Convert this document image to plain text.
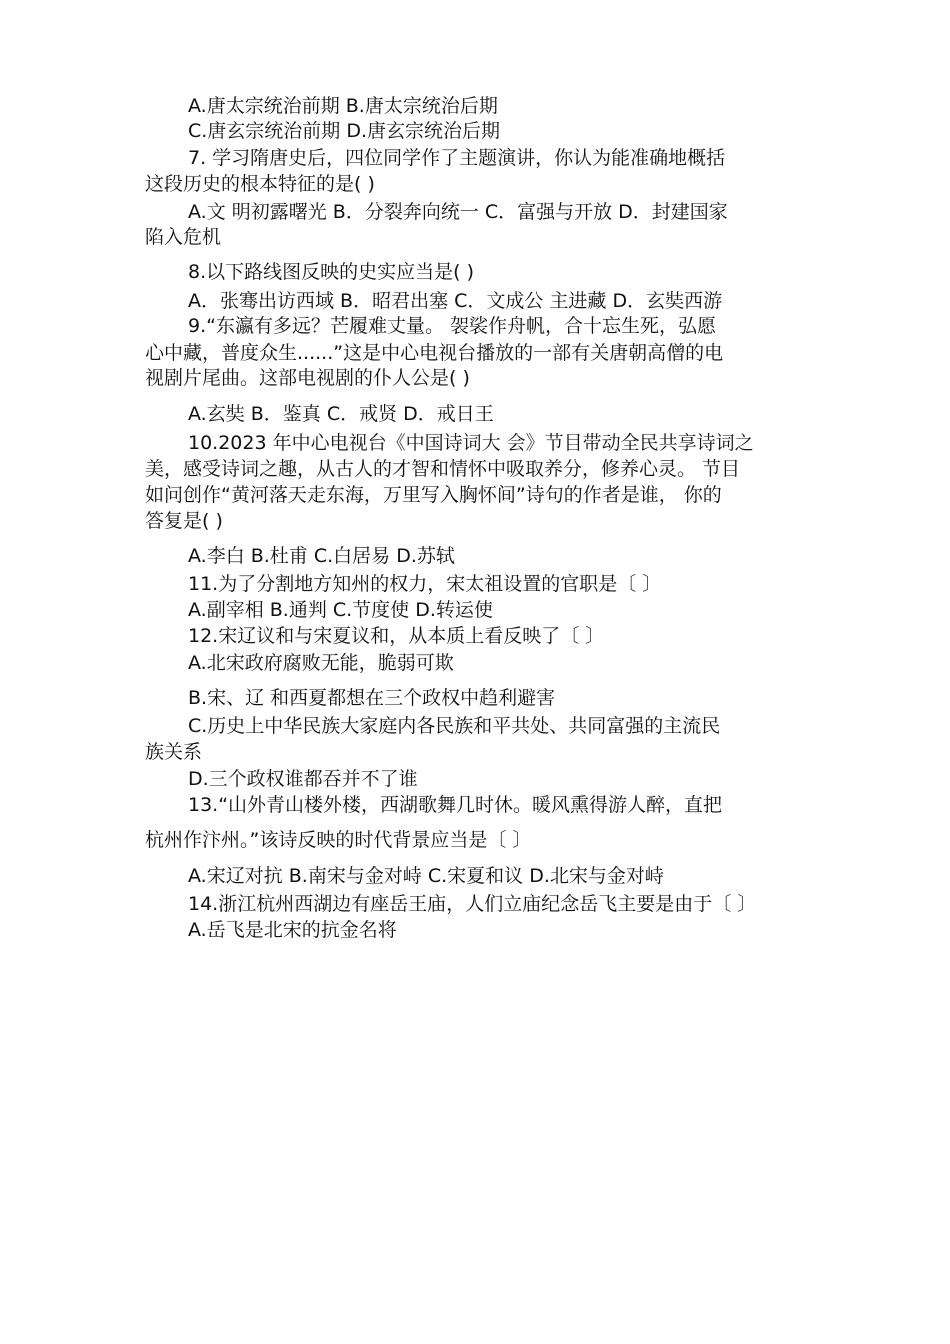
A.唐太宗统治前期 B.唐太宗统治后期
C.唐玄宗统治前期 D.唐玄宗统治后期
7. 学习隋唐史后，四位同学作了主题演讲，你认为能准确地概括
这段历史的根本特征的是( )
A.文 明初露曙光 B．分裂奔向统一 C．富强与开放 D．封建国家
陷入危机
8.以下路线图反映的史实应当是( )
A．张骞出访西域 B．昭君出塞 C．文成公 主进藏 D．玄奘西游
9.“东瀛有多远？芒履难丈量。 袈裟作舟帆，合十忘生死，弘愿
心中藏，普度众生......”这是中心电视台播放的一部有关唐朝高僧的电
视剧片尾曲。这部电视剧的仆人公是( )
A.玄奘 B．鉴真 C．戒贤 D．戒日王
10.2023 年中心电视台《中国诗词大 会》节目带动全民共享诗词之
美，感受诗词之趣，从古人的才智和情怀中吸取养分，修养心灵。 节目
如问创作“黄河落天走东海，万里写入胸怀间”诗句的作者是谁， 你的
答复是( )
A.李白 B.杜甫 C.白居易 D.苏轼
11.为了分割地方知州的权力，宋太祖设置的官职是〔 〕
A.副宰相 B.通判 C.节度使 D.转运使
12.宋辽议和与宋夏议和，从本质上看反映了〔 〕
A.北宋政府腐败无能，脆弱可欺
B.宋、辽 和西夏都想在三个政权中趋利避害
C.历史上中华民族大家庭内各民族和平共处、共同富强的主流民
族关系
D.三个政权谁都吞并不了谁
13.“山外青山楼外楼，西湖歌舞几时休。暖风熏得游人醉，直把
杭州作汴州。”该诗反映的时代背景应当是〔 〕
A.宋辽对抗 B.南宋与金对峙 C.宋夏和议 D.北宋与金对峙
14.浙江杭州西湖边有座岳王庙，人们立庙纪念岳飞主要是由于〔 〕
A.岳飞是北宋的抗金名将
